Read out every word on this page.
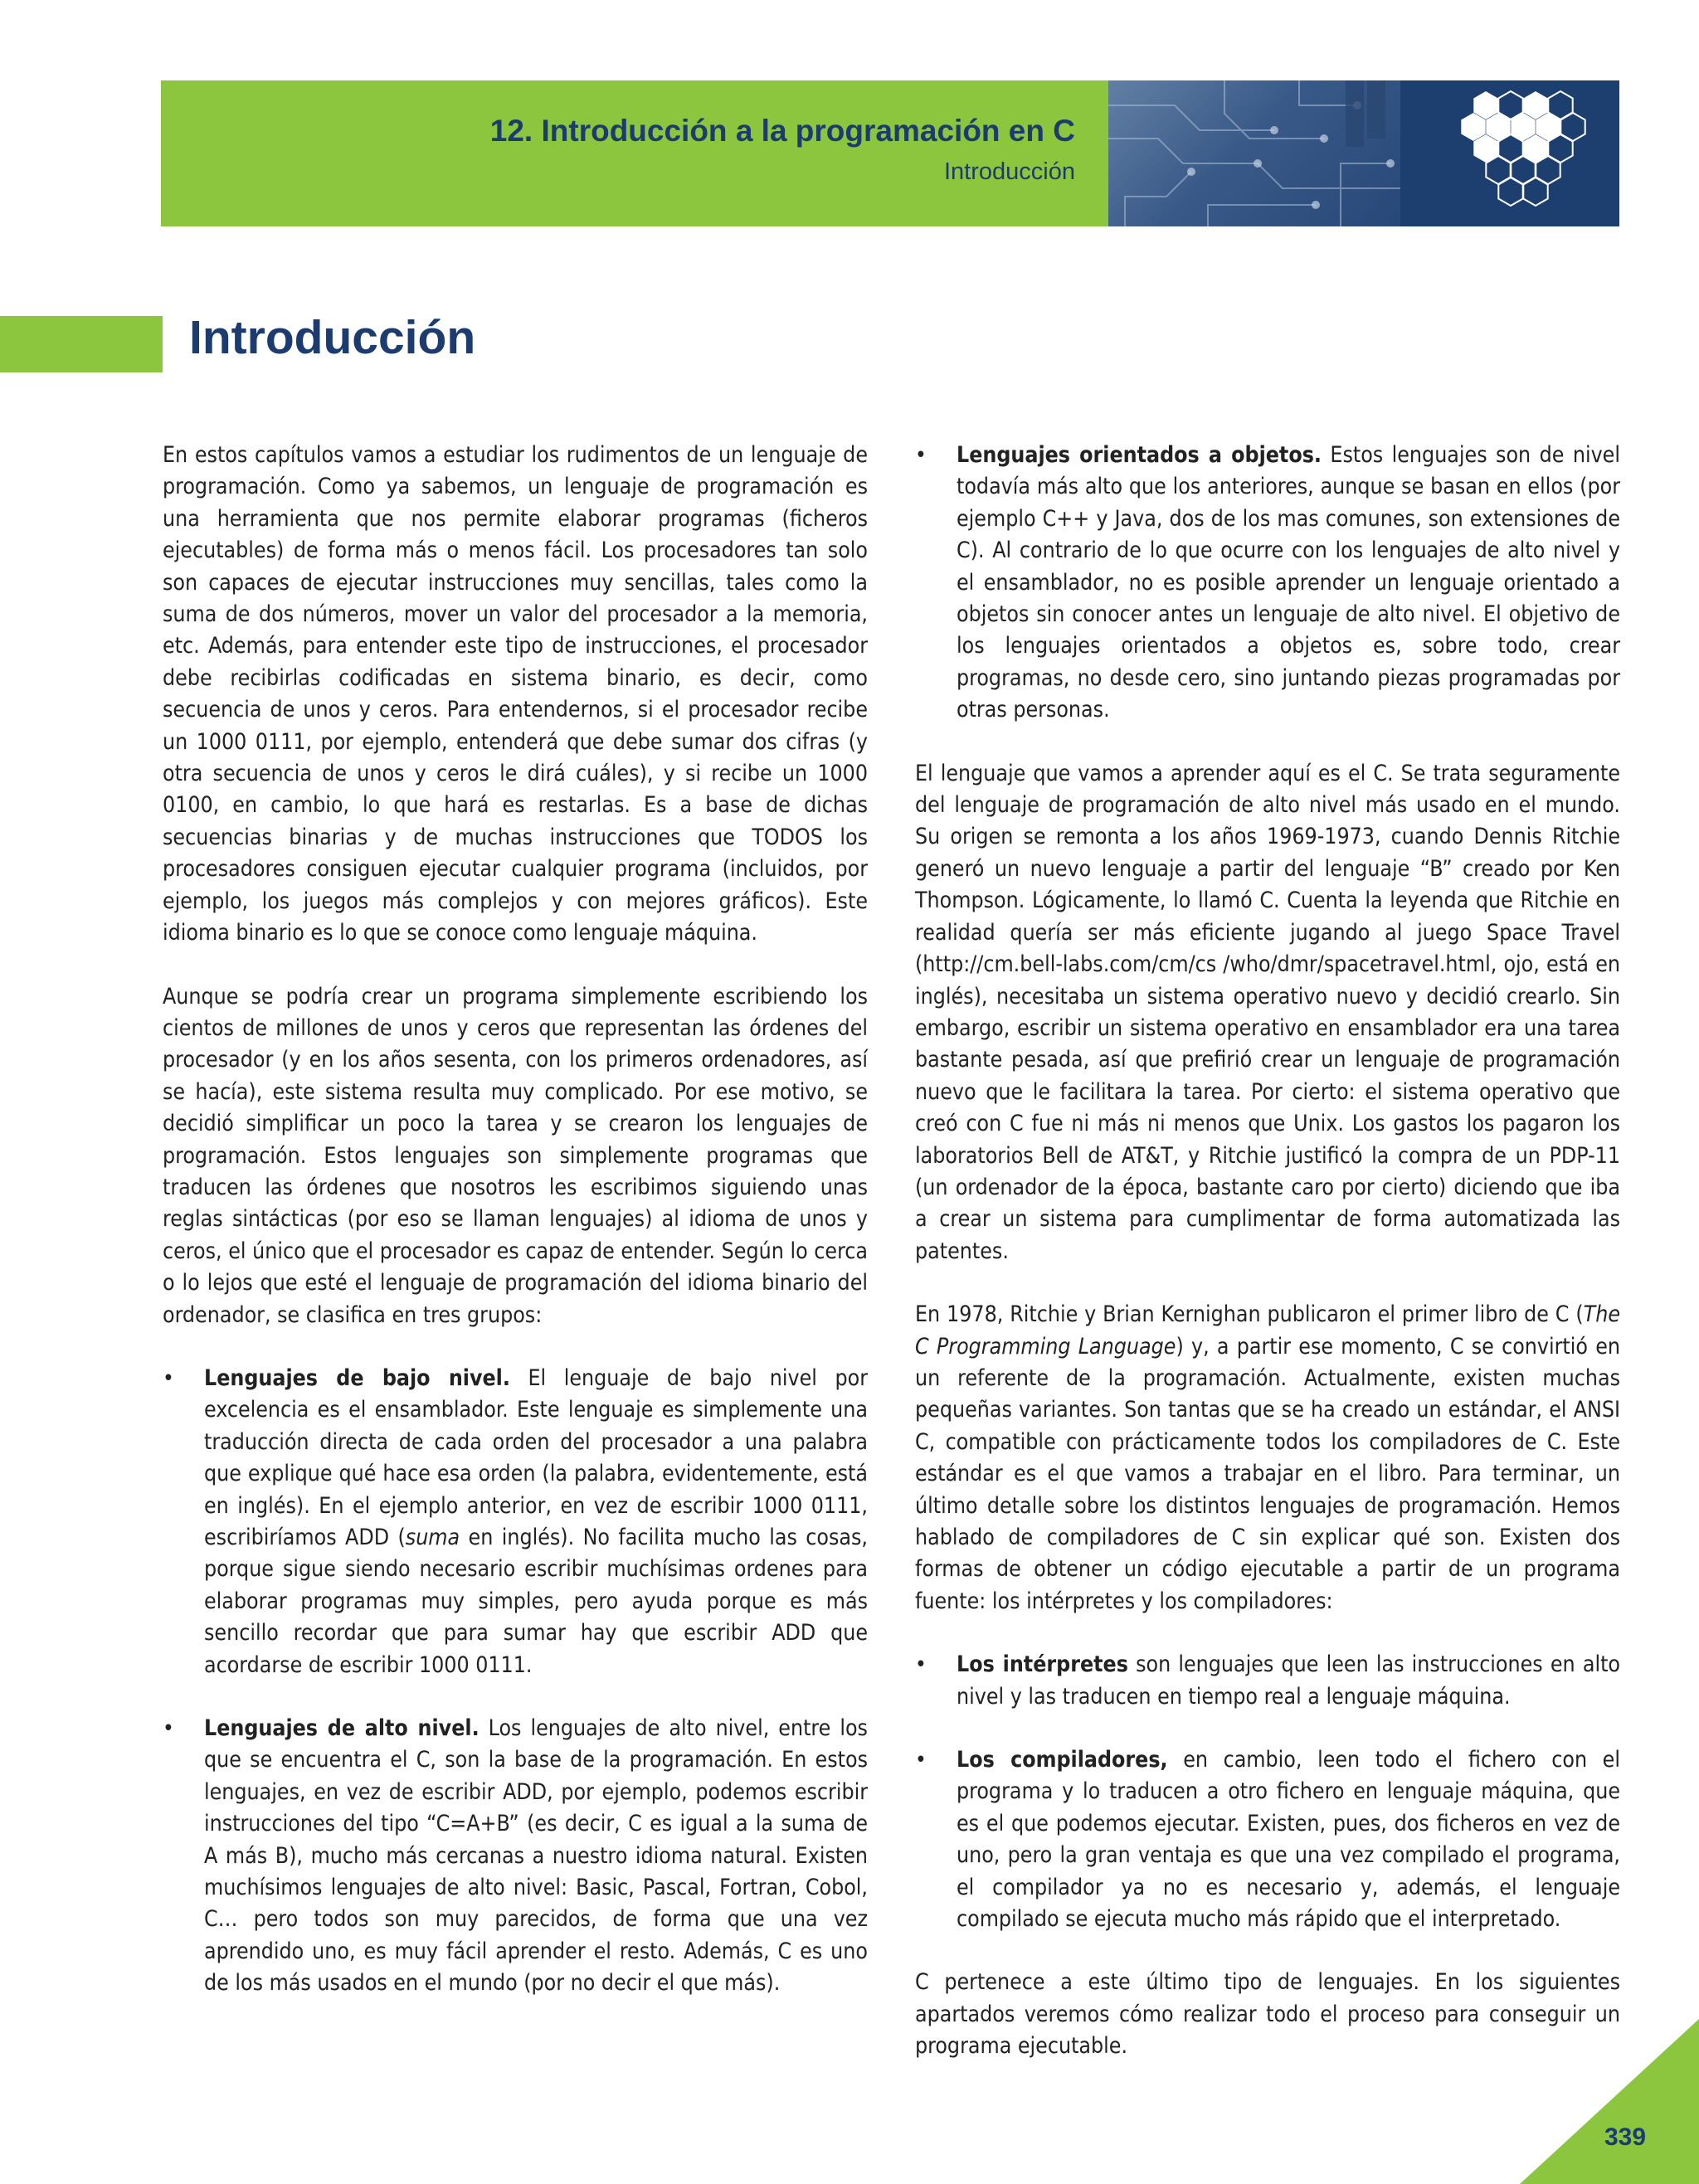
12. Introducción a la programación en C

Introducción

Introducción

En estos capítulos vamos a estudiar los rudimentos de un lenguaje de programación. Como ya sabemos, un lenguaje de programación es una herramienta que nos permite elaborar programas (ficheros ejecutables) de forma más o menos fácil. Los procesadores tan solo son capaces de ejecutar instrucciones muy sencillas, tales como la suma de dos números, mover un valor del procesador a la memoria, etc. Además, para entender este tipo de instrucciones, el procesador debe recibirlas codificadas en sistema binario, es decir, como secuencia de unos y ceros. Para entendernos, si el procesador recibe un 1000 0111, por ejemplo, entenderá que debe sumar dos cifras (y otra secuencia de unos y ceros le dirá cuáles), y si recibe un 1000 0100, en cambio, lo que hará es restarlas. Es a base de dichas secuencias binarias y de muchas instrucciones que TODOS los procesadores consiguen ejecutar cualquier programa (incluidos, por ejemplo, los juegos más complejos y con mejores gráficos). Este idioma binario es lo que se conoce como lenguaje máquina.

Aunque se podría crear un programa simplemente escribiendo los cientos de millones de unos y ceros que representan las órdenes del procesador (y en los años sesenta, con los primeros ordenadores, así se hacía), este sistema resulta muy complicado. Por ese motivo, se decidió simplificar un poco la tarea y se crearon los lenguajes de programación. Estos lenguajes son simplemente programas que traducen las órdenes que nosotros les escribimos siguiendo unas reglas sintácticas (por eso se llaman lenguajes) al idioma de unos y ceros, el único que el procesador es capaz de entender. Según lo cerca o lo lejos que esté el lenguaje de programación del idioma binario del ordenador, se clasifica en tres grupos:

• Lenguajes de bajo nivel. El lenguaje de bajo nivel por excelencia es el ensamblador. Este lenguaje es simplemente una traducción directa de cada orden del procesador a una palabra que explique qué hace esa orden (la palabra, evidentemente, está en inglés). En el ejemplo anterior, en vez de escribir 1000 0111, escribiríamos ADD (suma en inglés). No facilita mucho las cosas, porque sigue siendo necesario escribir muchísimas ordenes para elaborar programas muy simples, pero ayuda porque es más sencillo recordar que para sumar hay que escribir ADD que acordarse de escribir 1000 0111.
• Lenguajes de alto nivel. Los lenguajes de alto nivel, entre los que se encuentra el C, son la base de la programación. En estos lenguajes, en vez de escribir ADD, por ejemplo, podemos escribir instrucciones del tipo “C=A+B” (es decir, C es igual a la suma de A más B), mucho más cercanas a nuestro idioma natural. Existen muchísimos lenguajes de alto nivel: Basic, Pascal, Fortran, Cobol, C… pero todos son muy parecidos, de forma que una vez aprendido uno, es muy fácil aprender el resto. Además, C es uno de los más usados en el mundo (por no decir el que más).
• Lenguajes orientados a objetos. Estos lenguajes son de nivel todavía más alto que los anteriores, aunque se basan en ellos (por ejemplo C++ y Java, dos de los mas comunes, son extensiones de C). Al contrario de lo que ocurre con los lenguajes de alto nivel y el ensamblador, no es posible aprender un lenguaje orientado a objetos sin conocer antes un lenguaje de alto nivel. El objetivo de los lenguajes orientados a objetos es, sobre todo, crear programas, no desde cero, sino juntando piezas programadas por otras personas.

El lenguaje que vamos a aprender aquí es el C. Se trata seguramente del lenguaje de programación de alto nivel más usado en el mundo. Su origen se remonta a los años 1969-1973, cuando Dennis Ritchie generó un nuevo lenguaje a partir del lenguaje “B” creado por Ken Thompson. Lógicamente, lo llamó C. Cuenta la leyenda que Ritchie en realidad quería ser más eficiente jugando al juego Space Travel (http://cm.bell-labs.com/cm/cs /who/dmr/spacetravel.html, ojo, está en inglés), necesitaba un sistema operativo nuevo y decidió crearlo. Sin embargo, escribir un sistema operativo en ensamblador era una tarea bastante pesada, así que prefirió crear un lenguaje de programación nuevo que le facilitara la tarea. Por cierto: el sistema operativo que creó con C fue ni más ni menos que Unix. Los gastos los pagaron los laboratorios Bell de AT&T, y Ritchie justificó la compra de un PDP-11 (un ordenador de la época, bastante caro por cierto) diciendo que iba a crear un sistema para cumplimentar de forma automatizada las patentes.

En 1978, Ritchie y Brian Kernighan publicaron el primer libro de C (The C Programming Language) y, a partir ese momento, C se convirtió en un referente de la programación. Actualmente, existen muchas pequeñas variantes. Son tantas que se ha creado un estándar, el ANSI C, compatible con prácticamente todos los compiladores de C. Este estándar es el que vamos a trabajar en el libro. Para terminar, un último detalle sobre los distintos lenguajes de programación. Hemos hablado de compiladores de C sin explicar qué son. Existen dos formas de obtener un código ejecutable a partir de un programa fuente: los intérpretes y los compiladores:

• Los intérpretes son lenguajes que leen las instrucciones en alto nivel y las traducen en tiempo real a lenguaje máquina.
• Los compiladores, en cambio, leen todo el fichero con el programa y lo traducen a otro fichero en lenguaje máquina, que es el que podemos ejecutar. Existen, pues, dos ficheros en vez de uno, pero la gran ventaja es que una vez compilado el programa, el compilador ya no es necesario y, además, el lenguaje compilado se ejecuta mucho más rápido que el interpretado.

C pertenece a este último tipo de lenguajes. En los siguientes apartados veremos cómo realizar todo el proceso para conseguir un programa ejecutable.

339
